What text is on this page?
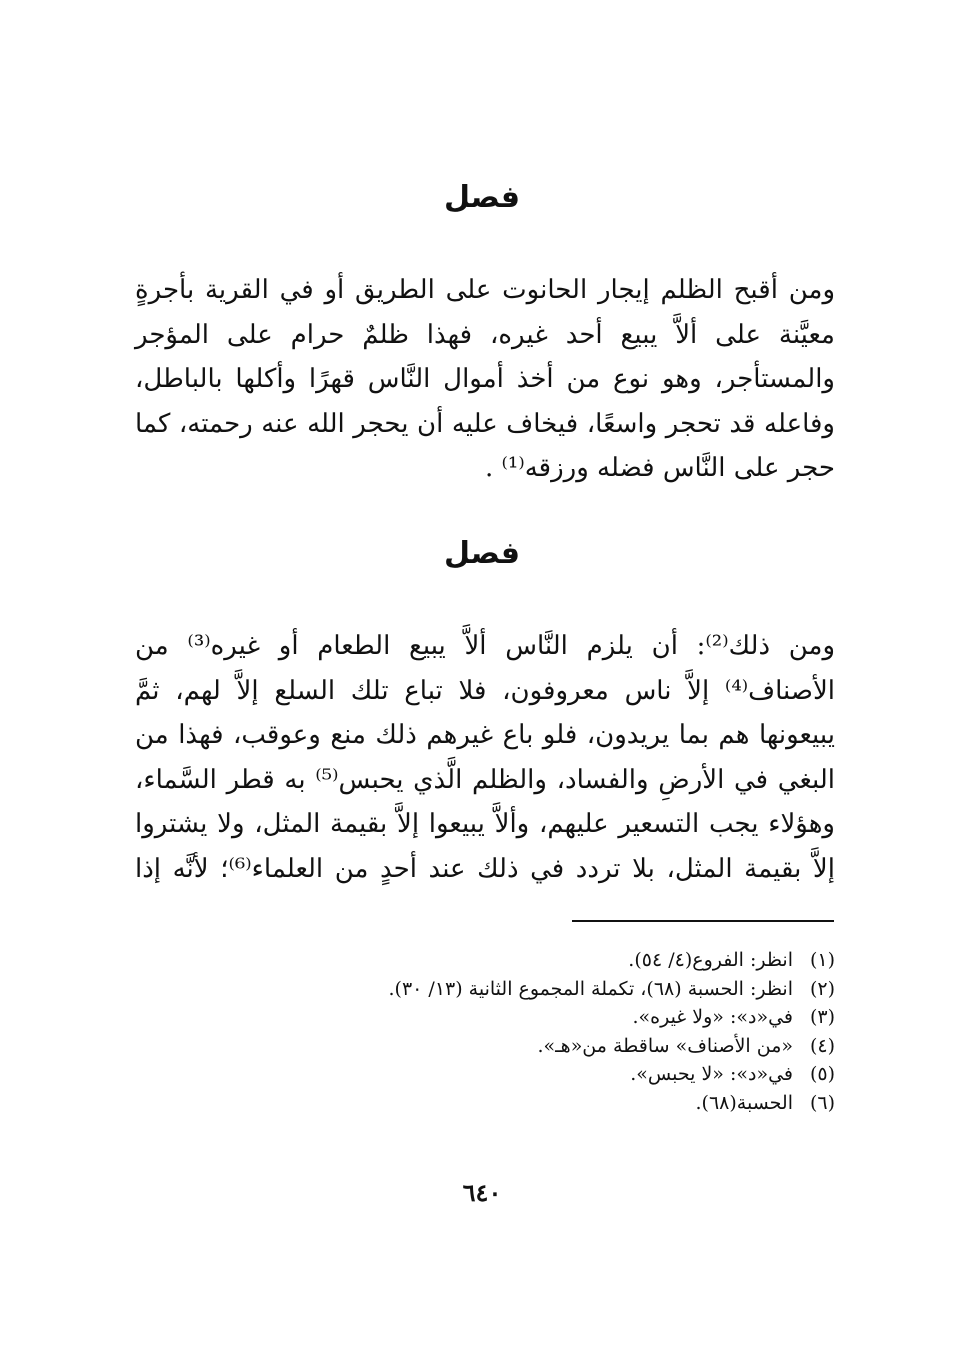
فصل
ومن أقبح الظلم إيجار الحانوت على الطريق أو في القرية بأجرةٍ
معيَّنة على ألاَّ يبيع أحد غيره، فهذا ظلمٌ حرام على المؤجر
والمستأجر، وهو نوع من أخذ أموال النَّاس قهرًا وأكلها بالباطل،
وفاعله قد تحجر واسعًا، فيخاف عليه أن يحجر الله عنه رحمته، كما
حجر على النَّاس فضله ورزقه⁽¹⁾ .
فصل
ومن ذلك⁽²⁾: أن يلزم النَّاس ألاَّ يبيع الطعام أو غيره⁽³⁾ من
الأصناف⁽⁴⁾ إلاَّ ناس معروفون، فلا تباع تلك السلع إلاَّ لهم، ثمَّ
يبيعونها هم بما يريدون، فلو باع غيرهم ذلك منع وعوقب، فهذا من
البغي في الأرضِ والفساد، والظلم الَّذي يحبس⁽⁵⁾ به قطر السَّماء،
وهؤلاء يجب التسعير عليهم، وألاَّ يبيعوا إلاَّ بقيمة المثل، ولا يشتروا
إلاَّ بقيمة المثل، بلا تردد في ذلك عند أحدٍ من العلماء⁽⁶⁾؛ لأنَّه إذا
(١)انظر: الفروع(٤/ ٥٤).
(٢)انظر: الحسبة (٦٨)، تكملة المجموع الثانية (١٣/ ٣٠).
(٣)في«د»: «ولا غيره».
(٤)«من الأصناف» ساقطة من«هـ».
(٥)في«د»: «لا يحبس».
(٦)الحسبة(٦٨).
٦٤٠
